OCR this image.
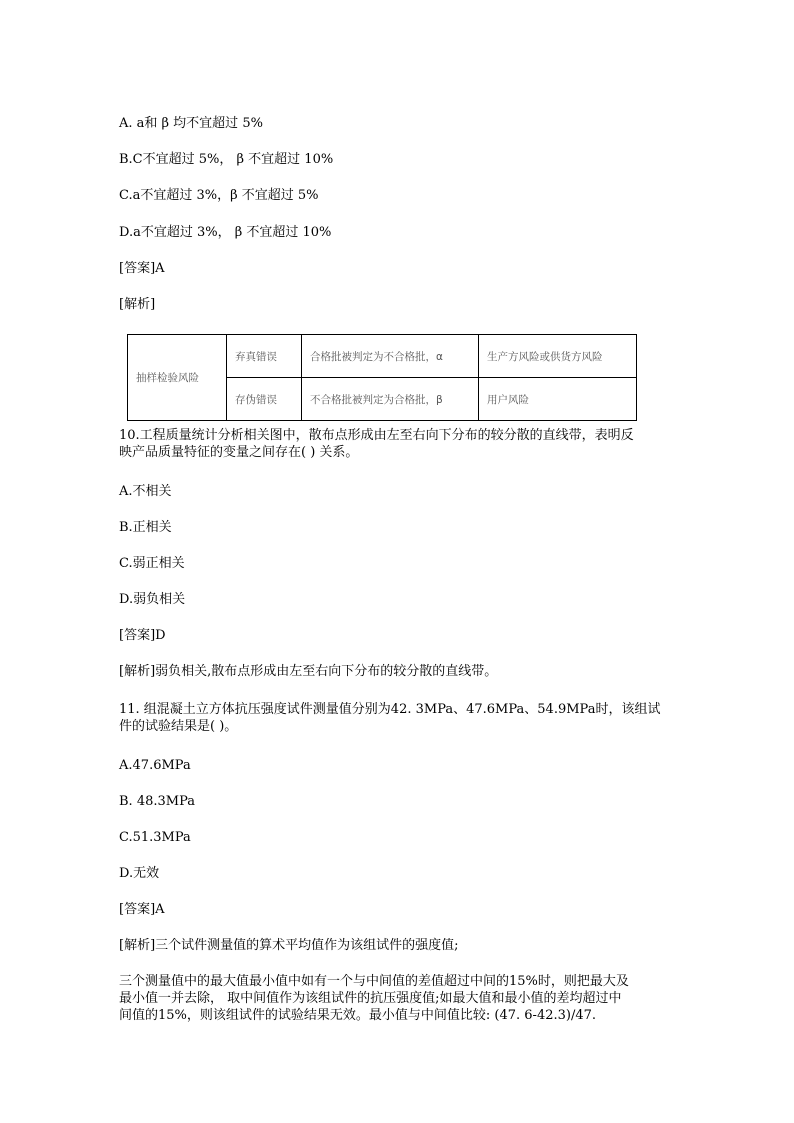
A. a和 β 均不宜超过 5%
B.C不宜超过 5%， β 不宜超过 10%
C.a不宜超过 3%，β 不宜超过 5%
D.a不宜超过 3%， β 不宜超过 10%
[答案]A
[解析]
抽样检验风险	弃真错误	合格批被判定为不合格批，α	生产方风险或供货方风险
	存伪错误	不合格批被判定为合格批，β	用户风险
10.工程质量统计分析相关图中，散布点形成由左至右向下分布的较分散的直线带，表明反
映产品质量特征的变量之间存在( ) 关系。
A.不相关
B.正相关
C.弱正相关
D.弱负相关
[答案]D
[解析]弱负相关,散布点形成由左至右向下分布的较分散的直线带。
11. 组混凝土立方体抗压强度试件测量值分别为42. 3MPa、47.6MPa、54.9MPa时，该组试
件的试验结果是( )。
A.47.6MPa
B. 48.3MPa
C.51.3MPa
D.无效
[答案]A
[解析]三个试件测量值的算术平均值作为该组试件的强度值;
三个测量值中的最大值最小值中如有一个与中间值的差值超过中间的15%时，则把最大及
最小值一并去除， 取中间值作为该组试件的抗压强度值;如最大值和最小值的差均超过中
间值的15%，则该组试件的试验结果无效。最小值与中间值比较: (47. 6-42.3)/47.
